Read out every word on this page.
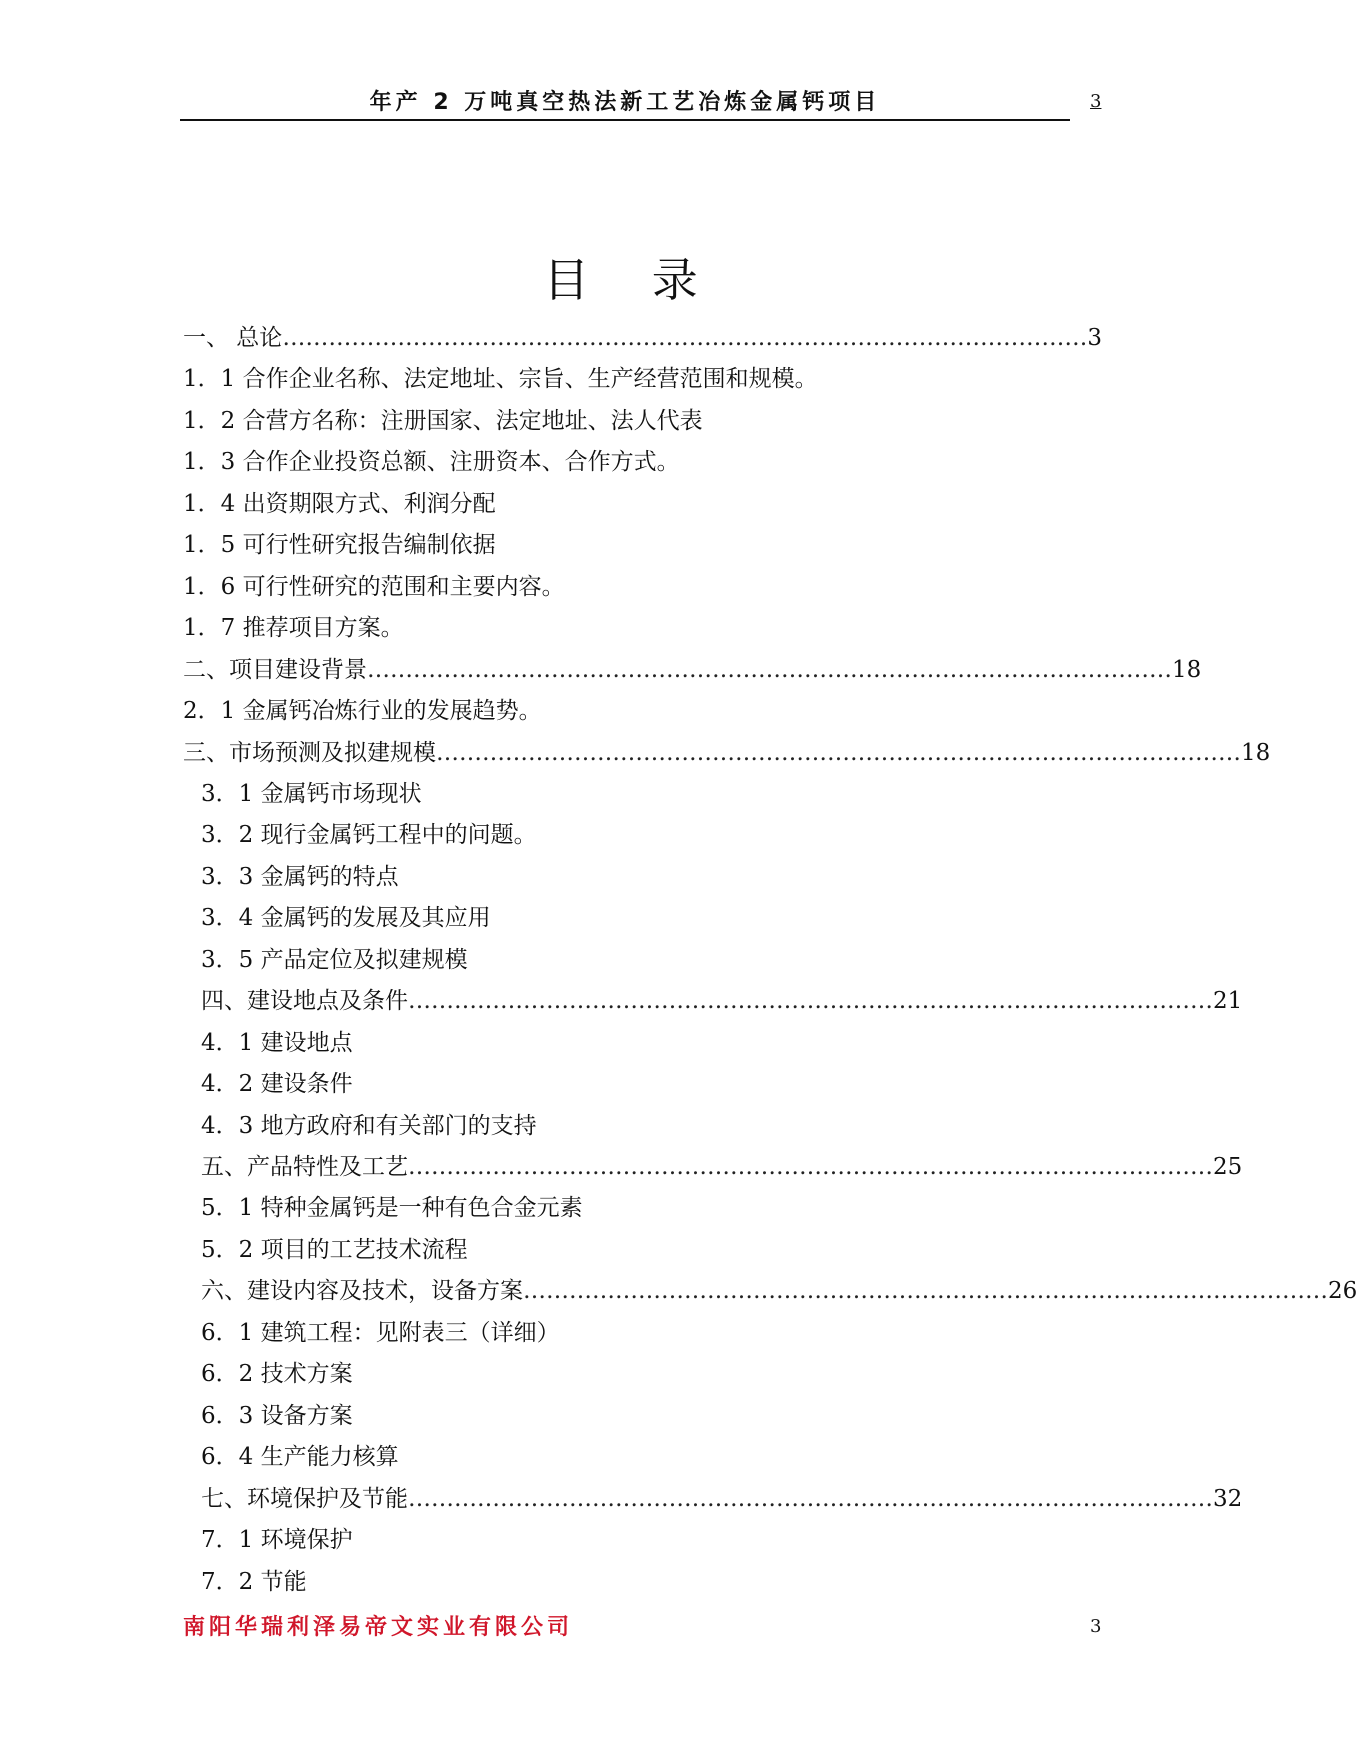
年产 2 万吨真空热法新工艺冶炼金属钙项目	3
目 录
一、 总论 …………………………………………………………………………………………… 3
1．1 合作企业名称、法定地址、宗旨、生产经营范围和规模。
1．2 合营方名称：注册国家、法定地址、法人代表
1．3 合作企业投资总额、注册资本、合作方式。
1．4 出资期限方式、利润分配
1．5 可行性研究报告编制依据
1．6 可行性研究的范围和主要内容。
1．7 推荐项目方案。
二、项目建设背景 …………………………………………………………………………………………… 18
2．1 金属钙冶炼行业的发展趋势。
三、市场预测及拟建规模 …………………………………………………………………………………………… 18
3．1 金属钙市场现状
3．2 现行金属钙工程中的问题。
3．3 金属钙的特点
3．4 金属钙的发展及其应用
3．5 产品定位及拟建规模
四、建设地点及条件 …………………………………………………………………………………………… 21
4．1 建设地点
4．2 建设条件
4．3 地方政府和有关部门的支持
五、产品特性及工艺 …………………………………………………………………………………………… 25
5．1 特种金属钙是一种有色合金元素
5．2 项目的工艺技术流程
六、建设内容及技术，设备方案 …………………………………………………………………………………………… 26
6．1 建筑工程：见附表三（详细）
6．2 技术方案
6．3 设备方案
6．4 生产能力核算
七、环境保护及节能 …………………………………………………………………………………………… 32
7．1 环境保护
7．2 节能
南阳华瑞利泽易帝文实业有限公司	3
